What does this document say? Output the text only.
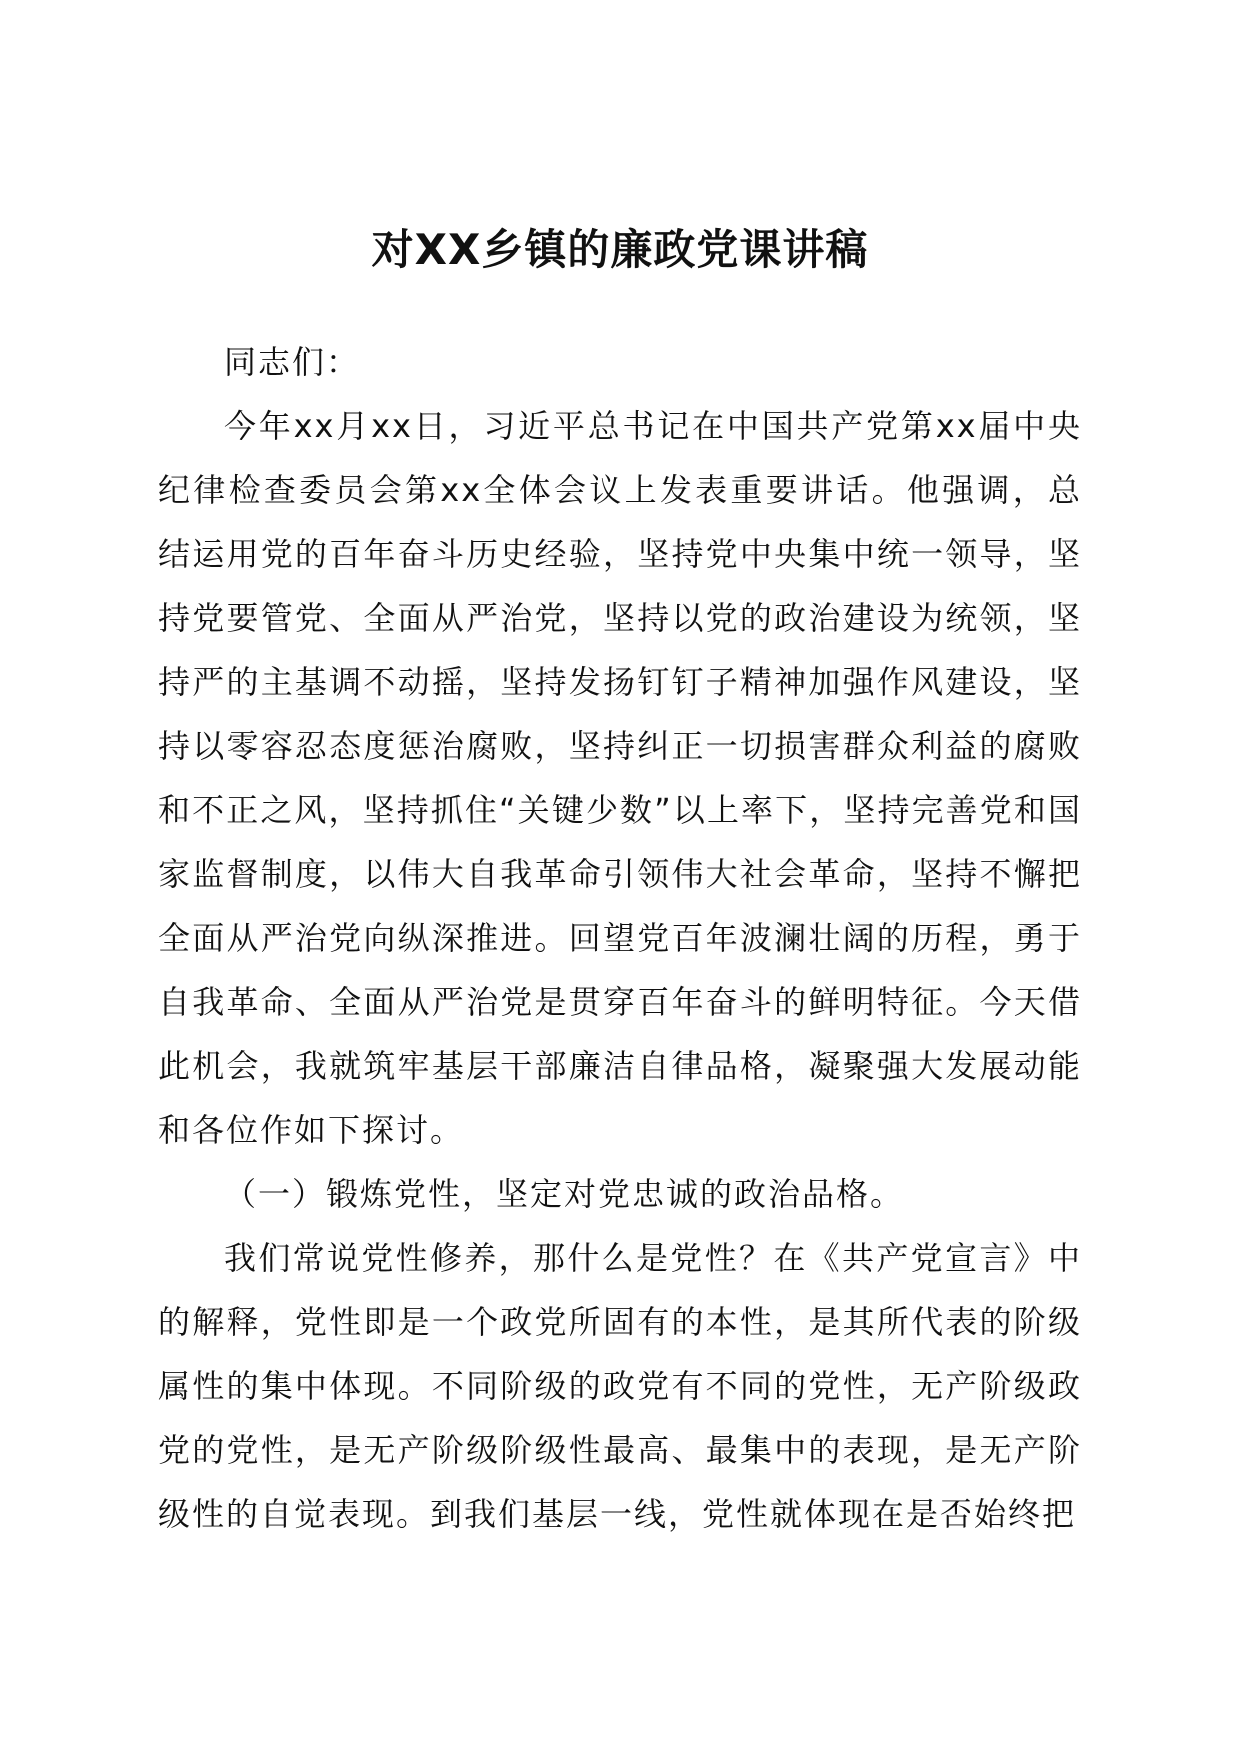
对XX乡镇的廉政党课讲稿

同志们：

今年xx月xx日，习近平总书记在中国共产党第xx届中央纪律检查委员会第xx全体会议上发表重要讲话。他强调，总结运用党的百年奋斗历史经验，坚持党中央集中统一领导，坚持党要管党、全面从严治党，坚持以党的政治建设为统领，坚持严的主基调不动摇，坚持发扬钉钉子精神加强作风建设，坚持以零容忍态度惩治腐败，坚持纠正一切损害群众利益的腐败和不正之风，坚持抓住“关键少数”以上率下，坚持完善党和国家监督制度，以伟大自我革命引领伟大社会革命，坚持不懈把全面从严治党向纵深推进。回望党百年波澜壮阔的历程，勇于自我革命、全面从严治党是贯穿百年奋斗的鲜明特征。今天借此机会，我就筑牢基层干部廉洁自律品格，凝聚强大发展动能和各位作如下探讨。

（一）锻炼党性，坚定对党忠诚的政治品格。

我们常说党性修养，那什么是党性？在《共产党宣言》中的解释，党性即是一个政党所固有的本性，是其所代表的阶级属性的集中体现。不同阶级的政党有不同的党性，无产阶级政党的党性，是无产阶级阶级性最高、最集中的表现，是无产阶级性的自觉表现。到我们基层一线，党性就体现在是否始终把
